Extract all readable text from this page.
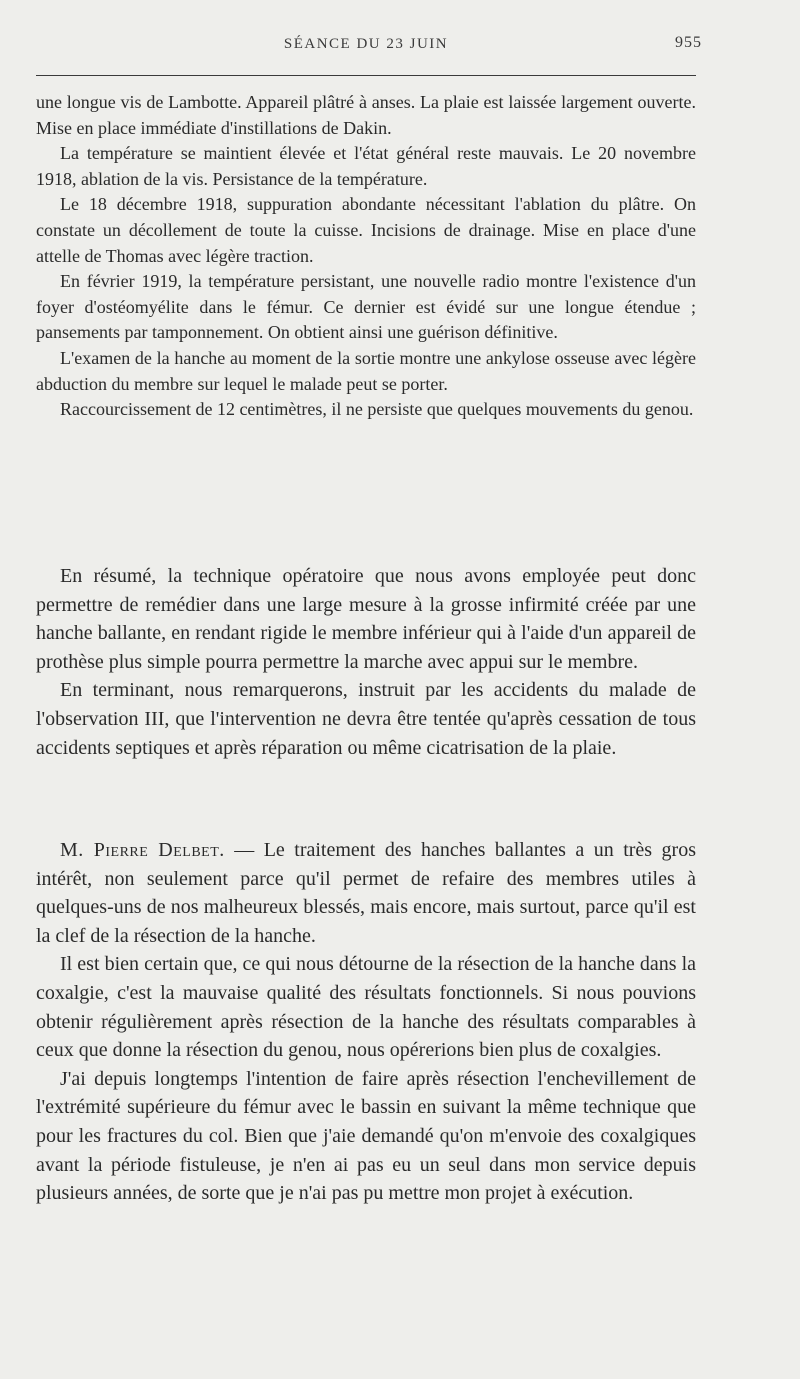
SÉANCE DU 23 JUIN	955

une longue vis de Lambotte. Appareil plâtré à anses. La plaie est laissée largement ouverte. Mise en place immédiate d'instillations de Dakin.

La température se maintient élevée et l'état général reste mauvais. Le 20 novembre 1918, ablation de la vis. Persistance de la température.

Le 18 décembre 1918, suppuration abondante nécessitant l'ablation du plâtre. On constate un décollement de toute la cuisse. Incisions de drainage. Mise en place d'une attelle de Thomas avec légère traction.

En février 1919, la température persistant, une nouvelle radio montre l'existence d'un foyer d'ostéomyélite dans le fémur. Ce dernier est évidé sur une longue étendue ; pansements par tamponnement. On obtient ainsi une guérison définitive.

L'examen de la hanche au moment de la sortie montre une ankylose osseuse avec légère abduction du membre sur lequel le malade peut se porter.

Raccourcissement de 12 centimètres, il ne persiste que quelques mouvements du genou.

En résumé, la technique opératoire que nous avons employée peut donc permettre de remédier dans une large mesure à la grosse infirmité créée par une hanche ballante, en rendant rigide le membre inférieur qui à l'aide d'un appareil de prothèse plus simple pourra permettre la marche avec appui sur le membre.

En terminant, nous remarquerons, instruit par les accidents du malade de l'observation III, que l'intervention ne devra être tentée qu'après cessation de tous accidents septiques et après réparation ou même cicatrisation de la plaie.

M. Pierre Delbet. — Le traitement des hanches ballantes a un très gros intérêt, non seulement parce qu'il permet de refaire des membres utiles à quelques-uns de nos malheureux blessés, mais encore, mais surtout, parce qu'il est la clef de la résection de la hanche.

Il est bien certain que, ce qui nous détourne de la résection de la hanche dans la coxalgie, c'est la mauvaise qualité des résultats fonctionnels. Si nous pouvions obtenir régulièrement après résection de la hanche des résultats comparables à ceux que donne la résection du genou, nous opérerions bien plus de coxalgies.

J'ai depuis longtemps l'intention de faire après résection l'enchevillement de l'extrémité supérieure du fémur avec le bassin en suivant la même technique que pour les fractures du col. Bien que j'aie demandé qu'on m'envoie des coxalgiques avant la période fistuleuse, je n'en ai pas eu un seul dans mon service depuis plusieurs années, de sorte que je n'ai pas pu mettre mon projet à exécution.
